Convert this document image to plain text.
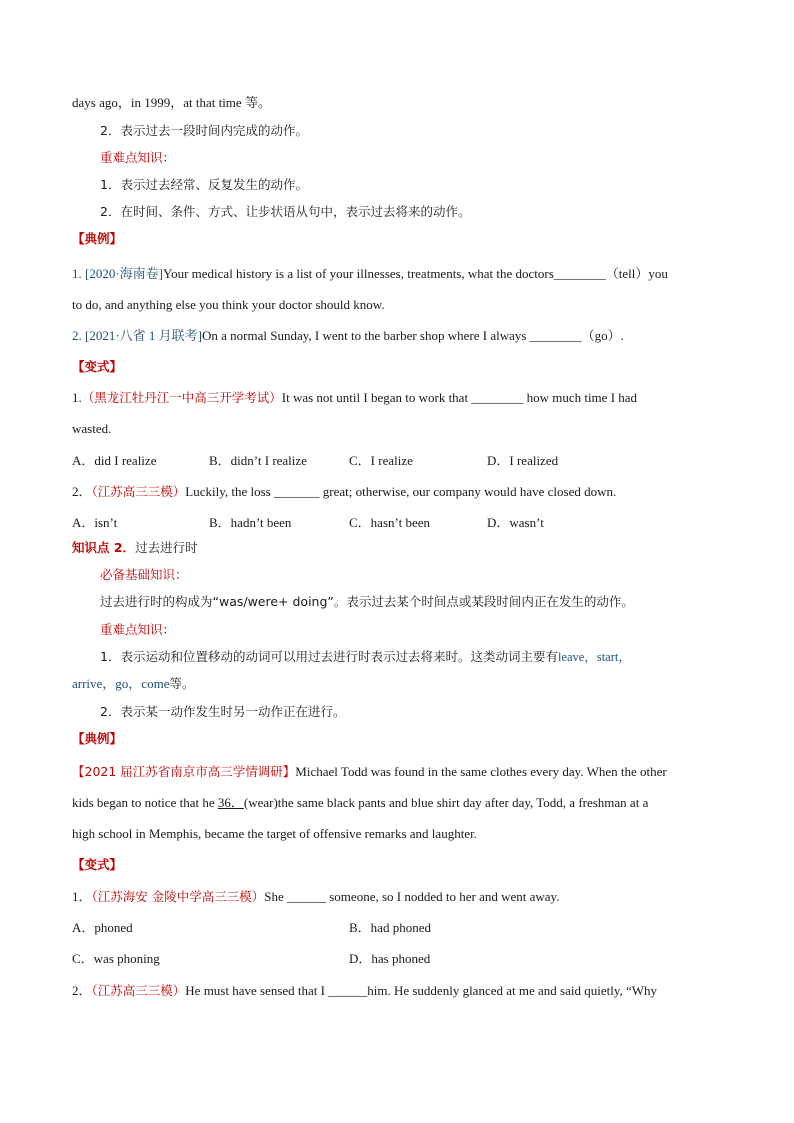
days ago，in 1999，at that time 等。
2．表示过去一段时间内完成的动作。
重难点知识：
1．表示过去经常、反复发生的动作。
2．在时间、条件、方式、让步状语从句中，表示过去将来的动作。
【典例】
1. [2020·海南卷]Your medical history is a list of your illnesses, treatments, what the doctors________（tell）you
to do, and anything else you think your doctor should know.
2. [2021·八省 1 月联考]On a normal Sunday, I went to the barber shop where I always ________（go）.
【变式】
1.（黑龙江牡丹江一中高三开学考试）It was not until I began to work that ________ how much time I had
wasted.
A．did I realize	B．didn’t I realize	C．I realize	D．I realized
2．（江苏高三三模）Luckily, the loss _______ great; otherwise, our company would have closed down.
A．isn’t	B．hadn’t been	C．hasn’t been	D．wasn’t
知识点 2．过去进行时
必备基础知识：
过去进行时的构成为“was/were+ doing”。表示过去某个时间点或某段时间内正在发生的动作。
重难点知识：
1．表示运动和位置移动的动词可以用过去进行时表示过去将来时。这类动词主要有leave，start，
arrive，go，come等。
2．表示某一动作发生时另一动作正在进行。
【典例】
【2021 届江苏省南京市高三学情调研】Michael Todd was found in the same clothes every day. When the other
kids began to notice that he 36．(wear)the same black pants and blue shirt day after day, Todd, a freshman at a
high school in Memphis, became the target of offensive remarks and laughter.
【变式】
1．（江苏海安 金陵中学高三三模）She ______ someone, so I nodded to her and went away.
A．phoned	B．had phoned
C．was phoning	D．has phoned
2．（江苏高三三模）He must have sensed that I ______him. He suddenly glanced at me and said quietly, “Why
